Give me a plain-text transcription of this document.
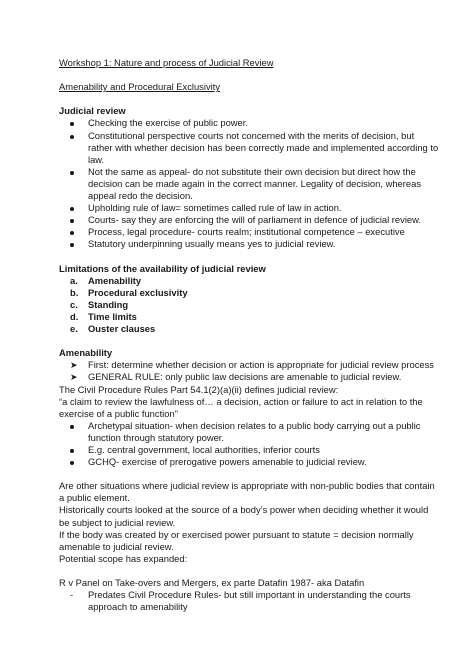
Workshop 1: Nature and process of Judicial Review

Amenability and Procedural Exclusivity

Judicial review

Checking the exercise of public power.
Constitutional perspective courts not concerned with the merits of decision, but rather with whether decision has been correctly made and implemented according to law.
Not the same as appeal- do not substitute their own decision but direct how the decision can be made again in the correct manner. Legality of decision, whereas appeal redo the decision.
Upholding rule of law= sometimes called rule of law in action.
Courts- say they are enforcing the will of parliament in defence of judicial review.
Process, legal procedure- courts realm; institutional competence – executive
Statutory underpinning usually means yes to judicial review.

Limitations of the availability of judicial review

a.	Amenability
b.	Procedural exclusivity
c.	Standing
d.	Time limits
e.	Ouster clauses

Amenability

➤	First: determine whether decision or action is appropriate for judicial review process
➤	GENERAL RULE: only public law decisions are amenable to judicial review.

The Civil Procedure Rules Part 54.1(2)(a)(ii) defines judicial review:

“a claim to review the lawfulness of… a decision, action or failure to act in relation to the exercise of a public function”

Archetypal situation- when decision relates to a public body carrying out a public function through statutory power.
E.g. central government, local authorities, inferior courts
GCHQ- exercise of prerogative powers amenable to judicial review.

Are other situations where judicial review is appropriate with non-public bodies that contain a public element.

Historically courts looked at the source of a body’s power when deciding whether it would be subject to judicial review.

If the body was created by or exercised power pursuant to statute = decision normally amenable to judicial review.

Potential scope has expanded:

R v Panel on Take-overs and Mergers, ex parte Datafin 1987- aka Datafin

-	Predates Civil Procedure Rules- but still important in understanding the courts approach to amenability
